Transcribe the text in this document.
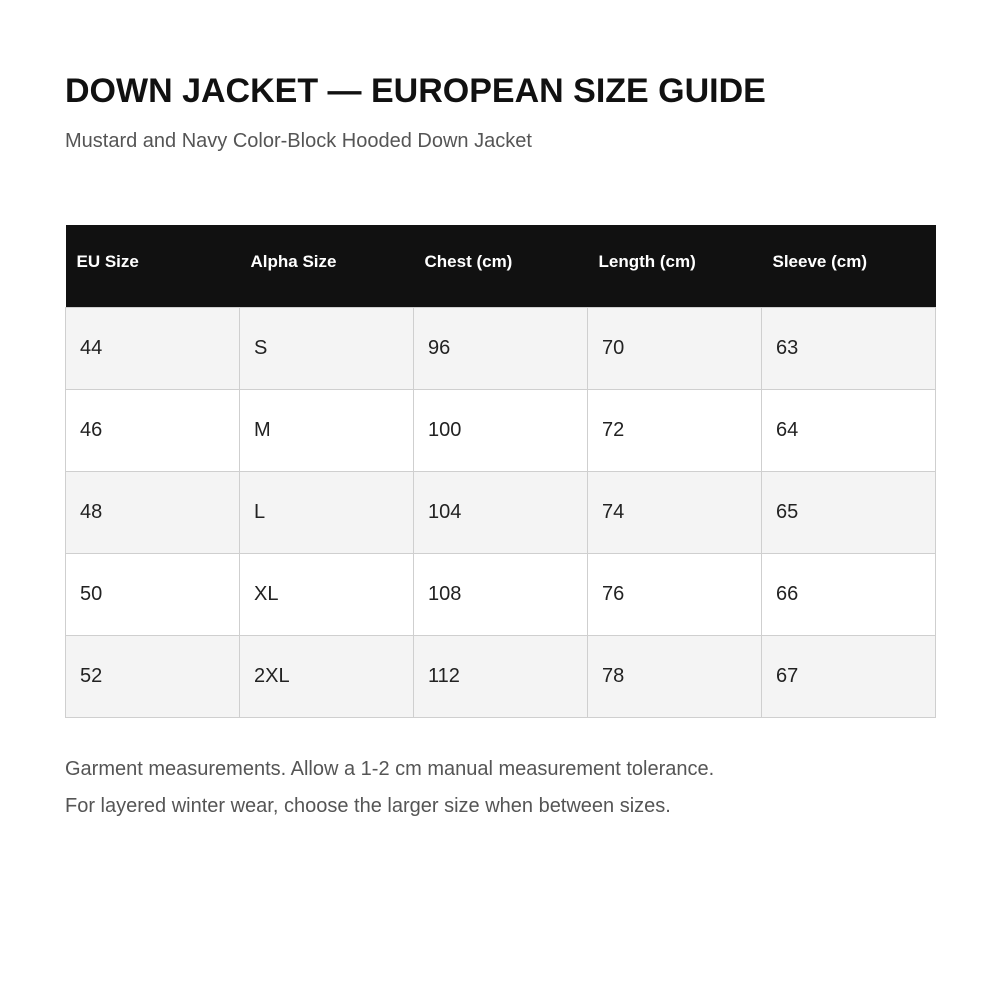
DOWN JACKET — EUROPEAN SIZE GUIDE

Mustard and Navy Color-Block Hooded Down Jacket

EU Size	Alpha Size	Chest (cm)	Length (cm)	Sleeve (cm)
44	S	96	70	63
46	M	100	72	64
48	L	104	74	65
50	XL	108	76	66
52	2XL	112	78	67

Garment measurements. Allow a 1-2 cm manual measurement tolerance.

For layered winter wear, choose the larger size when between sizes.
